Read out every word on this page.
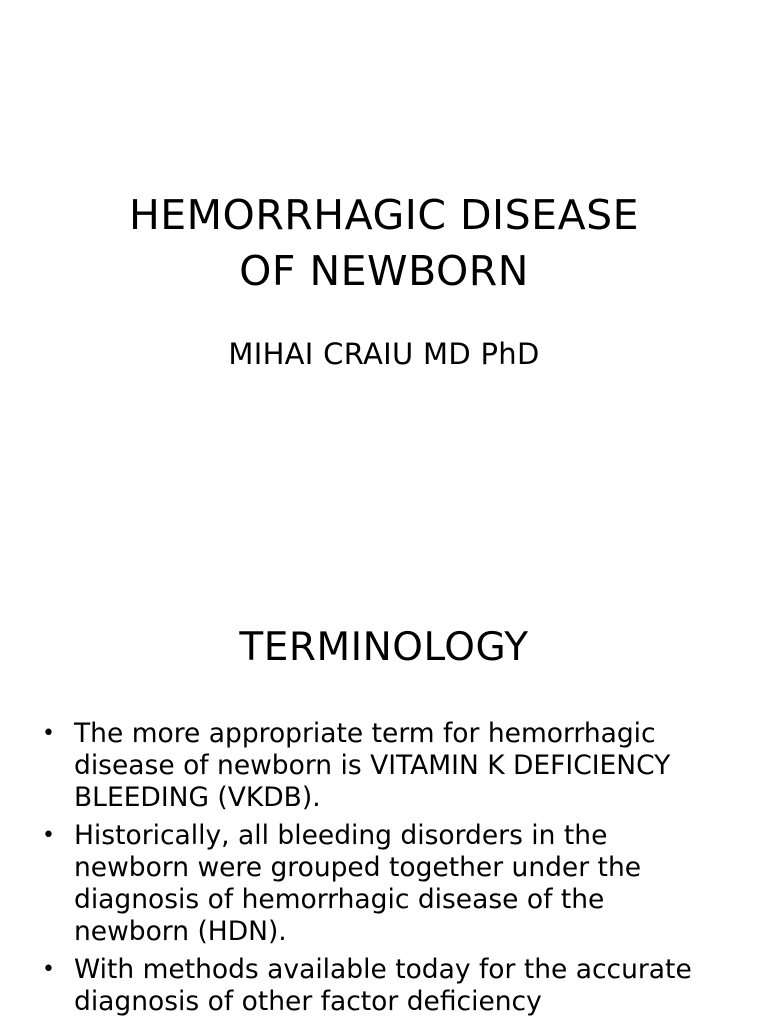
HEMORRHAGIC DISEASE
OF NEWBORN
MIHAI CRAIU MD PhD
TERMINOLOGY
• The more appropriate term for hemorrhagic disease of newborn is VITAMIN K DEFICIENCY BLEEDING (VKDB).
• Historically, all bleeding disorders in the newborn were grouped together under the diagnosis of hemorrhagic disease of the newborn (HDN).
• With methods available today for the accurate diagnosis of other factor deficiency
